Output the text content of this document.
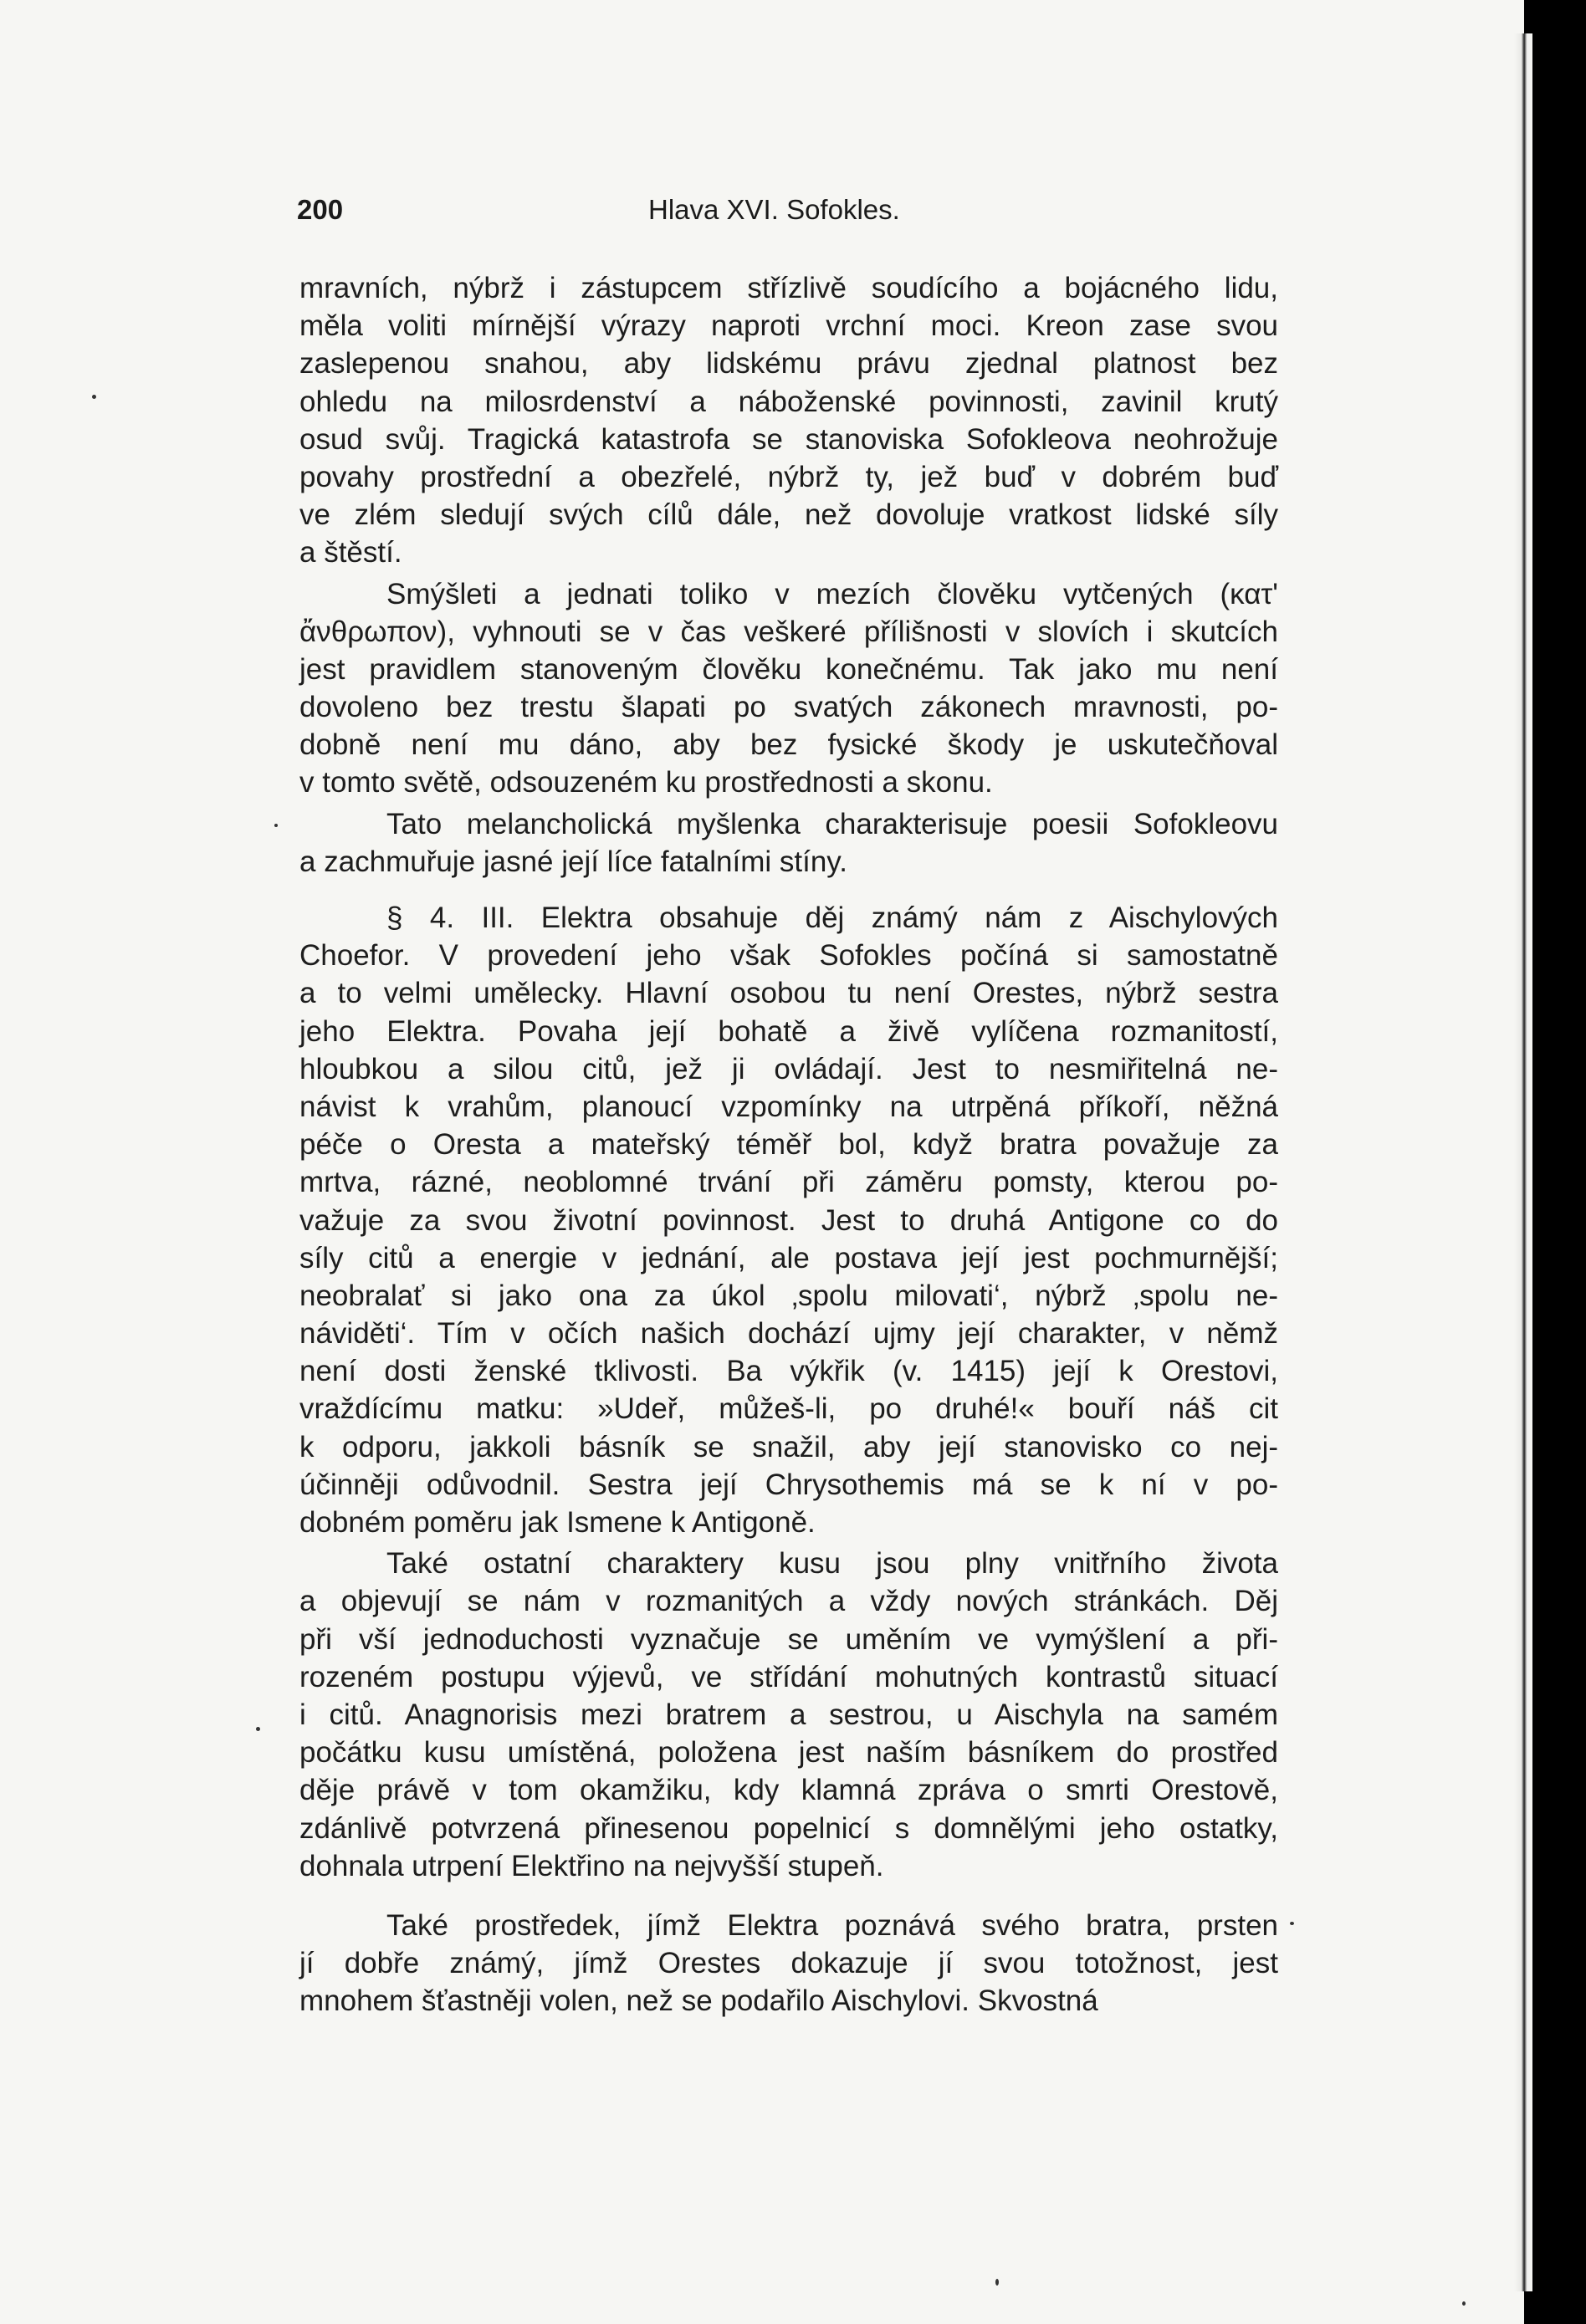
200	Hlava XVI. Sofokles.
mravních, nýbrž i zástupcem střízlivě soudícího a bojácného lidu,
měla voliti mírnější výrazy naproti vrchní moci. Kreon zase svou
zaslepenou snahou, aby lidskému právu zjednal platnost bez
ohledu na milosrdenství a náboženské povinnosti, zavinil krutý
osud svůj. Tragická katastrofa se stanoviska Sofokleova neohrožuje
povahy prostřední a obezřelé, nýbrž ty, jež buď v dobrém buď
ve zlém sledují svých cílů dále, než dovoluje vratkost lidské síly
a štěstí.
Smýšleti a jednati toliko v mezích člověku vytčených (κατ'
ἄνθρωπον), vyhnouti se v čas veškeré přílišnosti v slovích i skutcích
jest pravidlem stanoveným člověku konečnému. Tak jako mu není
dovoleno bez trestu šlapati po svatých zákonech mravnosti, po-
dobně není mu dáno, aby bez fysické škody je uskutečňoval
v tomto světě, odsouzeném ku prostřednosti a skonu.
Tato melancholická myšlenka charakterisuje poesii Sofokleovu
a zachmuřuje jasné její líce fatalními stíny.
§ 4. III. Elektra obsahuje děj známý nám z Aischylových
Choefor. V provedení jeho však Sofokles počíná si samostatně
a to velmi umělecky. Hlavní osobou tu není Orestes, nýbrž sestra
jeho Elektra. Povaha její bohatě a živě vylíčena rozmanitostí,
hloubkou a silou citů, jež ji ovládají. Jest to nesmiřitelná ne-
návist k vrahům, planoucí vzpomínky na utrpěná příkoří, něžná
péče o Oresta a mateřský téměř bol, když bratra považuje za
mrtva, rázné, neoblomné trvání při záměru pomsty, kterou po-
važuje za svou životní povinnost. Jest to druhá Antigone co do
síly citů a energie v jednání, ale postava její jest pochmurnější;
neobralať si jako ona za úkol ‚spolu milovati‘, nýbrž ‚spolu ne-
náviděti‘. Tím v očích našich dochází ujmy její charakter, v němž
není dosti ženské tklivosti. Ba výkřik (v. 1415) její k Orestovi,
vraždícímu matku: »Udeř, můžeš-li, po druhé!« bouří náš cit
k odporu, jakkoli básník se snažil, aby její stanovisko co nej-
účinněji odůvodnil. Sestra její Chrysothemis má se k ní v po-
dobném poměru jak Ismene k Antigoně.
Také ostatní charaktery kusu jsou plny vnitřního života
a objevují se nám v rozmanitých a vždy nových stránkách. Děj
při vší jednoduchosti vyznačuje se uměním ve vymýšlení a při-
rozeném postupu výjevů, ve střídání mohutných kontrastů situací
i citů. Anagnorisis mezi bratrem a sestrou, u Aischyla na samém
počátku kusu umístěná, položena jest naším básníkem do prostřed
děje právě v tom okamžiku, kdy klamná zpráva o smrti Orestově,
zdánlivě potvrzená přinesenou popelnicí s domnělými jeho ostatky,
dohnala utrpení Elektřino na nejvyšší stupeň.
Také prostředek, jímž Elektra poznává svého bratra, prsten
jí dobře známý, jímž Orestes dokazuje jí svou totožnost, jest
mnohem šťastněji volen, než se podařilo Aischylovi. Skvostná
